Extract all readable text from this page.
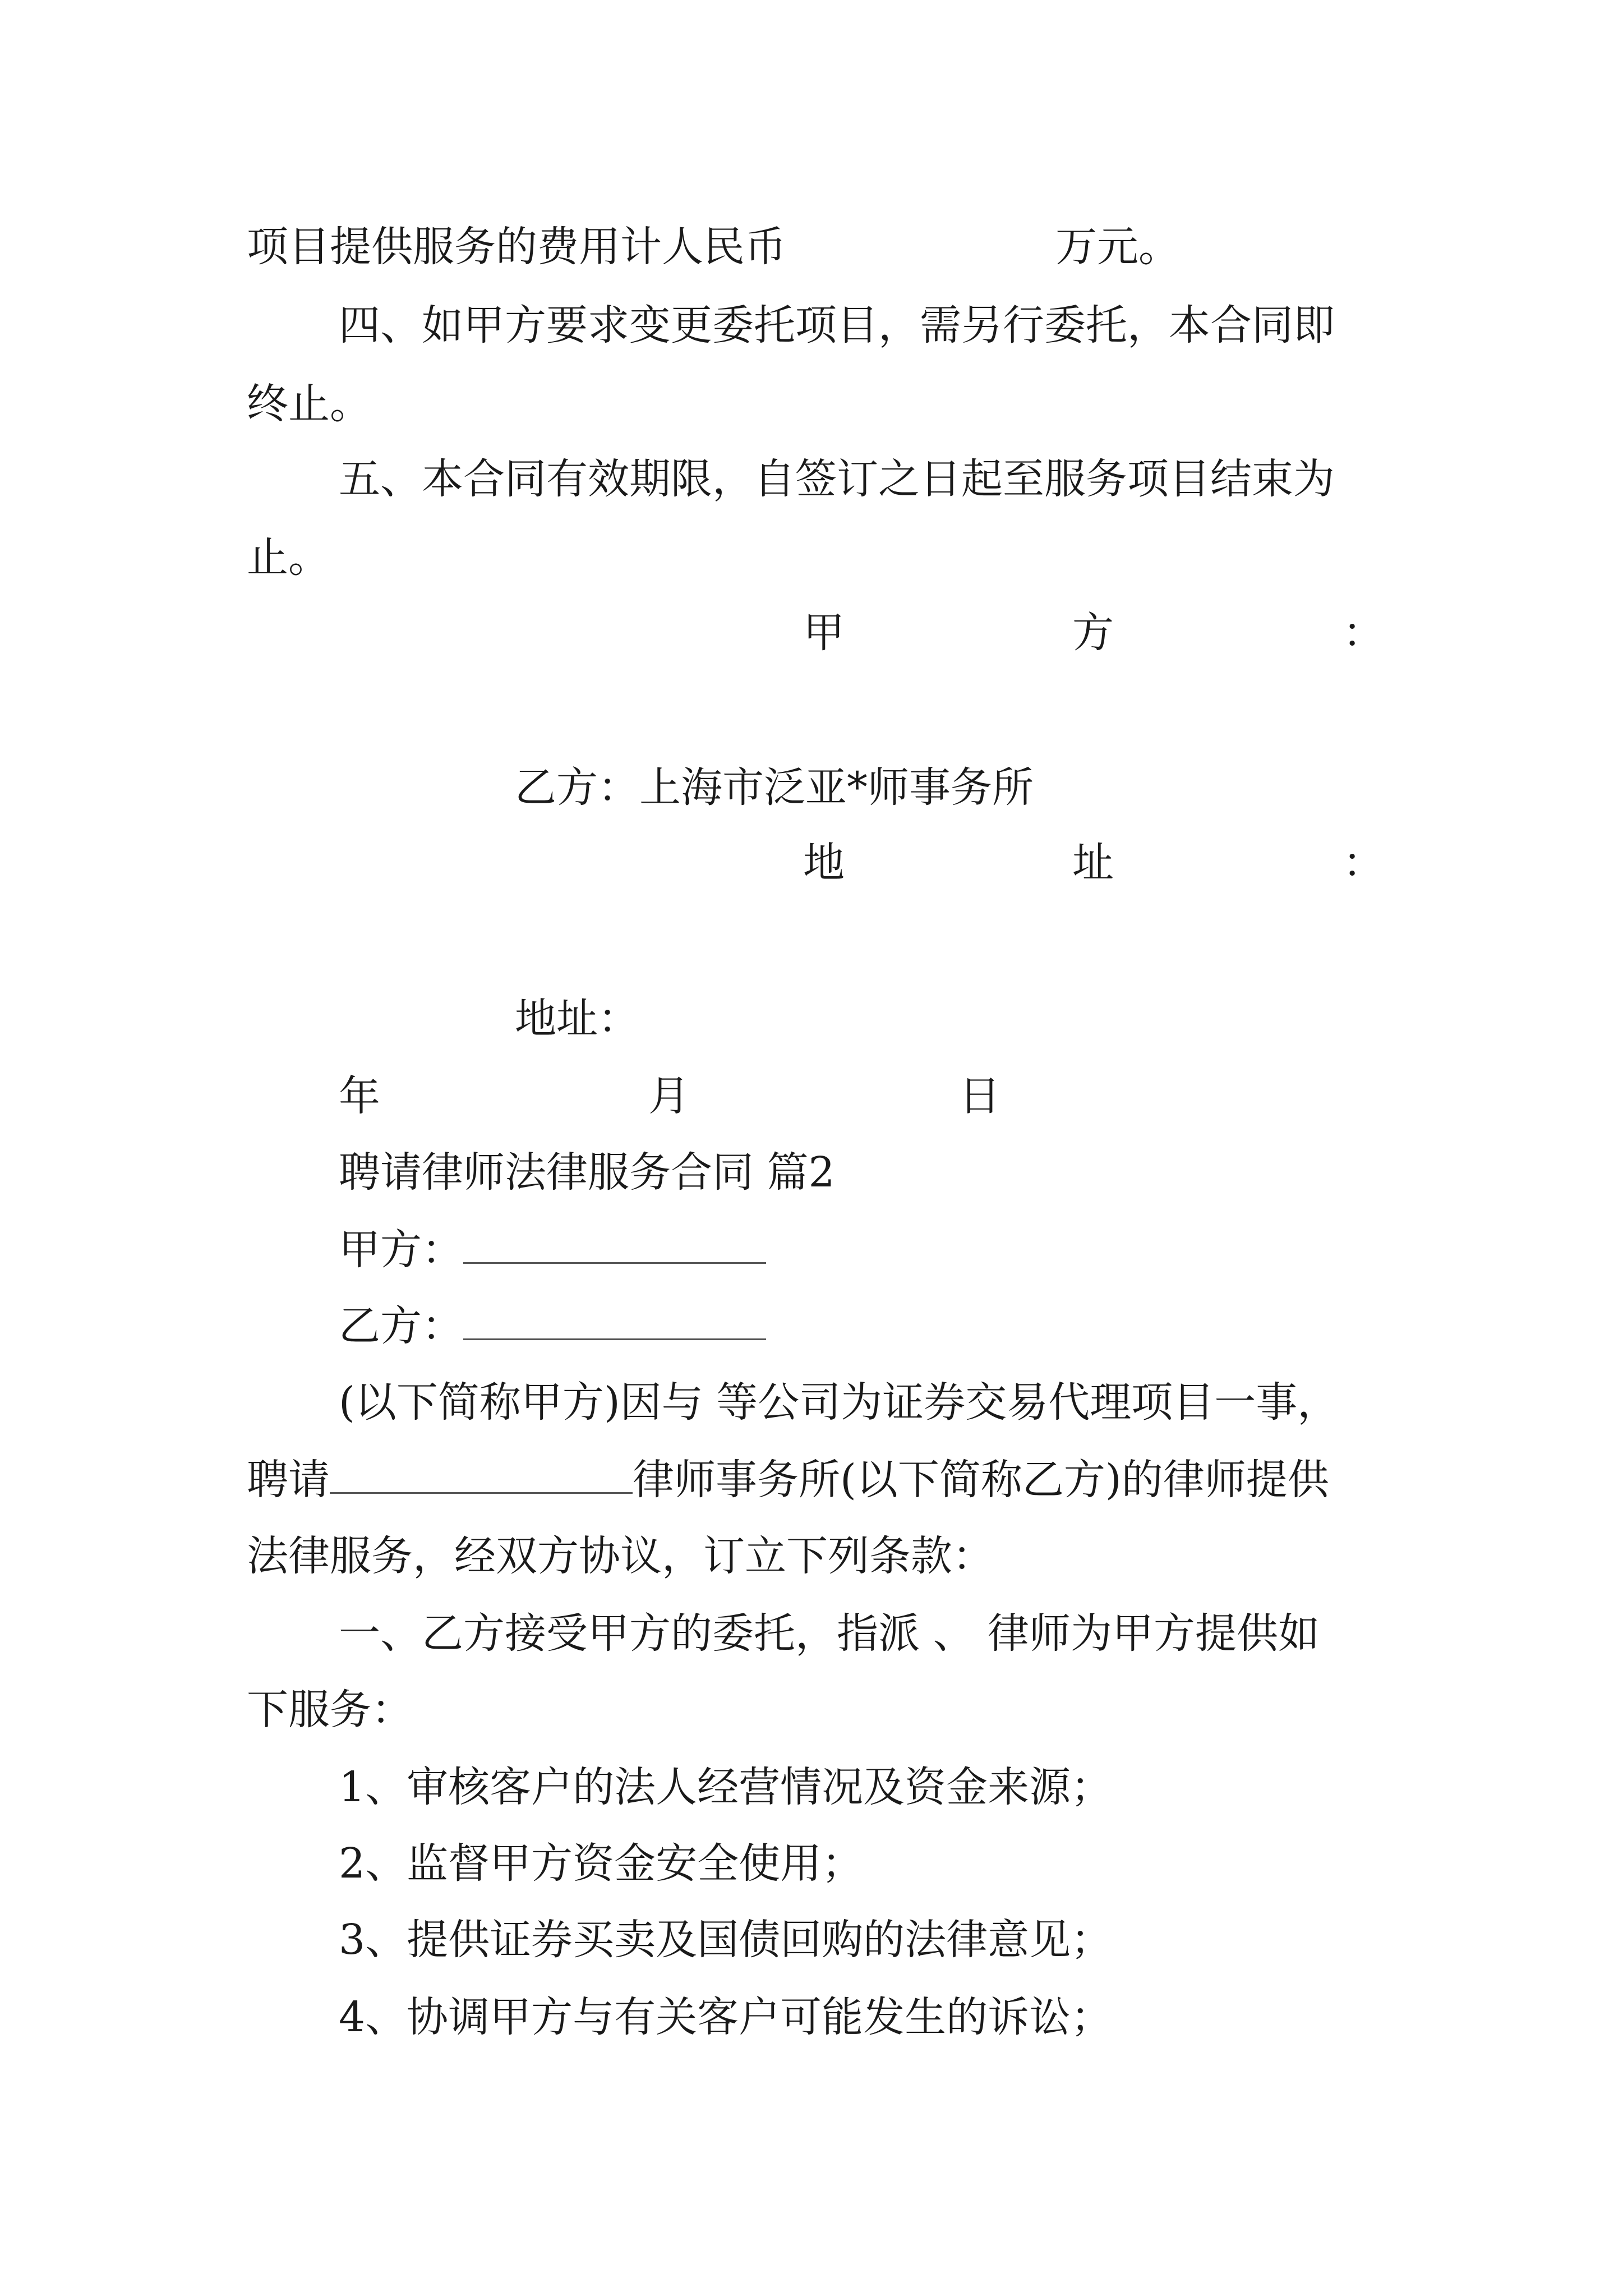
项目提供服务的费用计人民币	万元。
四、如甲方要求变更委托项目，需另行委托，本合同即
终止。
五、本合同有效期限，自签订之日起至服务项目结束为
止。
甲	方	：
乙方：上海市泛亚*师事务所
地	址	：
地址：
年	月	日
聘请律师法律服务合同 篇2
甲方：
乙方：
(以下简称甲方)因与 等公司为证券交易代理项目一事，
聘请	律师事务所(以下简称乙方)的律师提供
法律服务，经双方协议，订立下列条款：
一、乙方接受甲方的委托，指派 、 律师为甲方提供如
下服务：
1、审核客户的法人经营情况及资金来源；
2、监督甲方资金安全使用；
3、提供证券买卖及国债回购的法律意见；
4、协调甲方与有关客户可能发生的诉讼；
